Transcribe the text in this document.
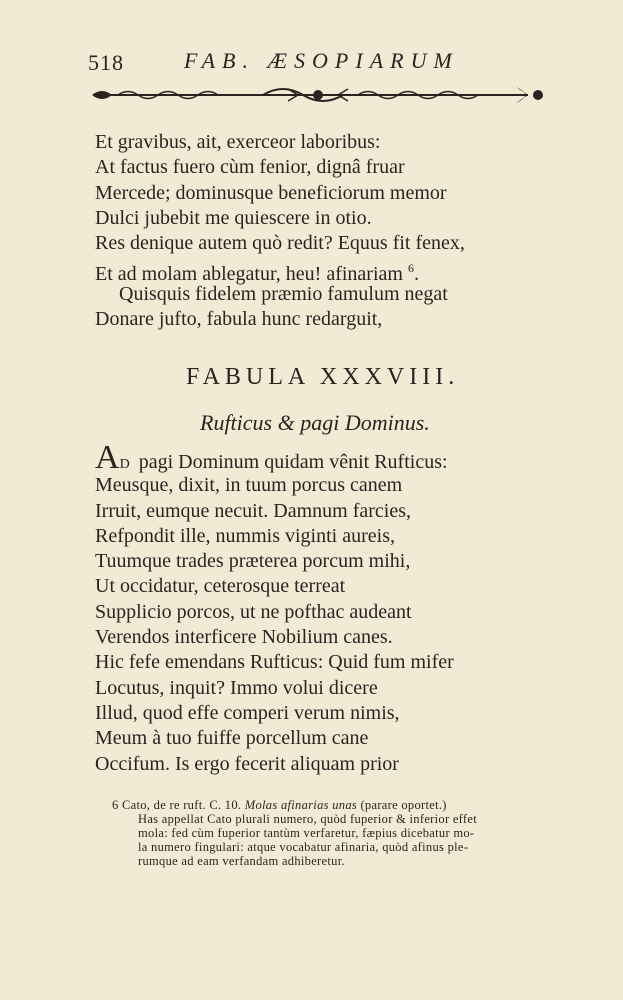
518	FAB. ÆSOPIARUM
Et gravibus, ait, exerceor laboribus:
At factus fuero cùm fenior, dignâ fruar
Mercede; dominusque beneficiorum memor
Dulci jubebit me quiescere in otio.
Res denique autem quò redit? Equus fit fenex,
Et ad molam ablegatur, heu! afinariam $^6$.
Quisquis fidelem præmio famulum negat
Donare jufto, fabula hunc redarguit,
FABULA XXXVIII.
Rufticus & pagi Dominus.
AD pagi Dominum quidam vênit Rufticus:
Meusque, dixit, in tuum porcus canem
Irruit, eumque necuit. Damnum farcies,
Refpondit ille, nummis viginti aureis,
Tuumque trades præterea porcum mihi,
Ut occidatur, ceterosque terreat
Supplicio porcos, ut ne pofthac audeant
Verendos interficere Nobilium canes.
Hic fefe emendans Rufticus: Quid fum mifer
Locutus, inquit? Immo volui dicere
Illud, quod effe comperi verum nimis,
Meum à tuo fuiffe porcellum cane
Occifum. Is ergo fecerit aliquam prior
6 Cato, de re ruft. C. 10. Molas afinarias unas (parare oportet.)
Has appellat Cato plurali numero, quòd fuperior & inferior effet
mola: fed cùm fuperior tantùm verfaretur, fæpius dicebatur mo-
la numero fingulari: atque vocabatur afinaria, quòd afinus ple-
rumque ad eam verfandam adhiberetur.
